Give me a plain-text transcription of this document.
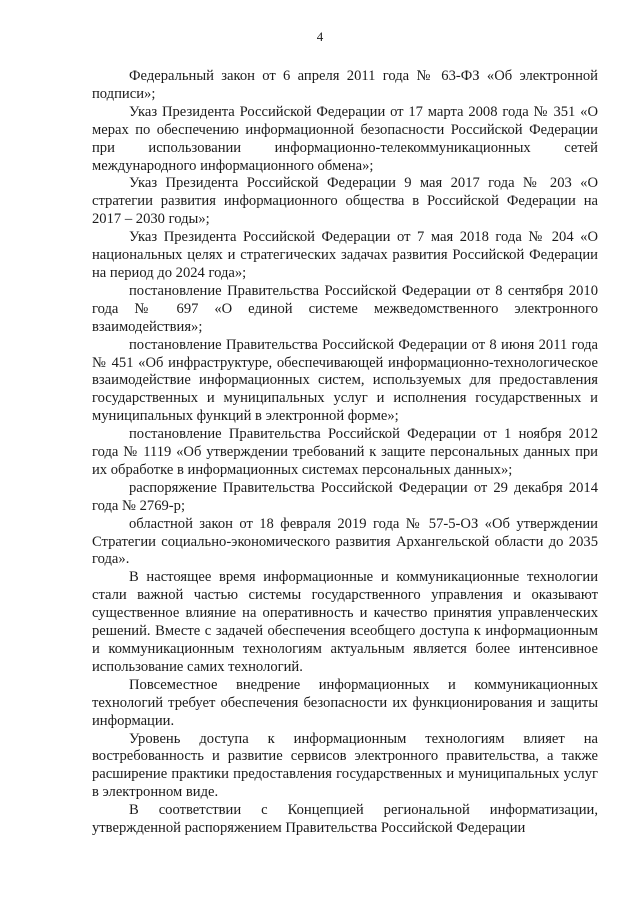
4

Федеральный закон от 6 апреля 2011 года № 63-ФЗ «Об электронной подписи»;

Указ Президента Российской Федерации от 17 марта 2008 года № 351 «О мерах по обеспечению информационной безопасности Российской Федерации при использовании информационно-телекоммуникационных сетей международного информационного обмена»;

Указ Президента Российской Федерации 9 мая 2017 года № 203 «О стратегии развития информационного общества в Российской Федерации на 2017 – 2030 годы»;

Указ Президента Российской Федерации от 7 мая 2018 года № 204 «О национальных целях и стратегических задачах развития Российской Федерации на период до 2024 года»;

постановление Правительства Российской Федерации от 8 сентября 2010 года № 697 «О единой системе межведомственного электронного взаимодействия»;

постановление Правительства Российской Федерации от 8 июня 2011 года № 451 «Об инфраструктуре, обеспечивающей информационно-технологическое взаимодействие информационных систем, используемых для предоставления государственных и муниципальных услуг и исполнения государственных и муниципальных функций в электронной форме»;

постановление Правительства Российской Федерации от 1 ноября 2012 года № 1119 «Об утверждении требований к защите персональных данных при их обработке в информационных системах персональных данных»;

распоряжение Правительства Российской Федерации от 29 декабря 2014 года № 2769-р;

областной закон от 18 февраля 2019 года № 57-5-ОЗ «Об утверждении Стратегии социально-экономического развития Архангельской области до 2035 года».

В настоящее время информационные и коммуникационные технологии стали важной частью системы государственного управления и оказывают существенное влияние на оперативность и качество принятия управленческих решений. Вместе с задачей обеспечения всеобщего доступа к информационным и коммуникационным технологиям актуальным является более интенсивное использование самих технологий.

Повсеместное внедрение информационных и коммуникационных технологий требует обеспечения безопасности их функционирования и защиты информации.

Уровень доступа к информационным технологиям влияет на востребованность и развитие сервисов электронного правительства, а также расширение практики предоставления государственных и муниципальных услуг в электронном виде.

В соответствии с Концепцией региональной информатизации, утвержденной распоряжением Правительства Российской Федерации
